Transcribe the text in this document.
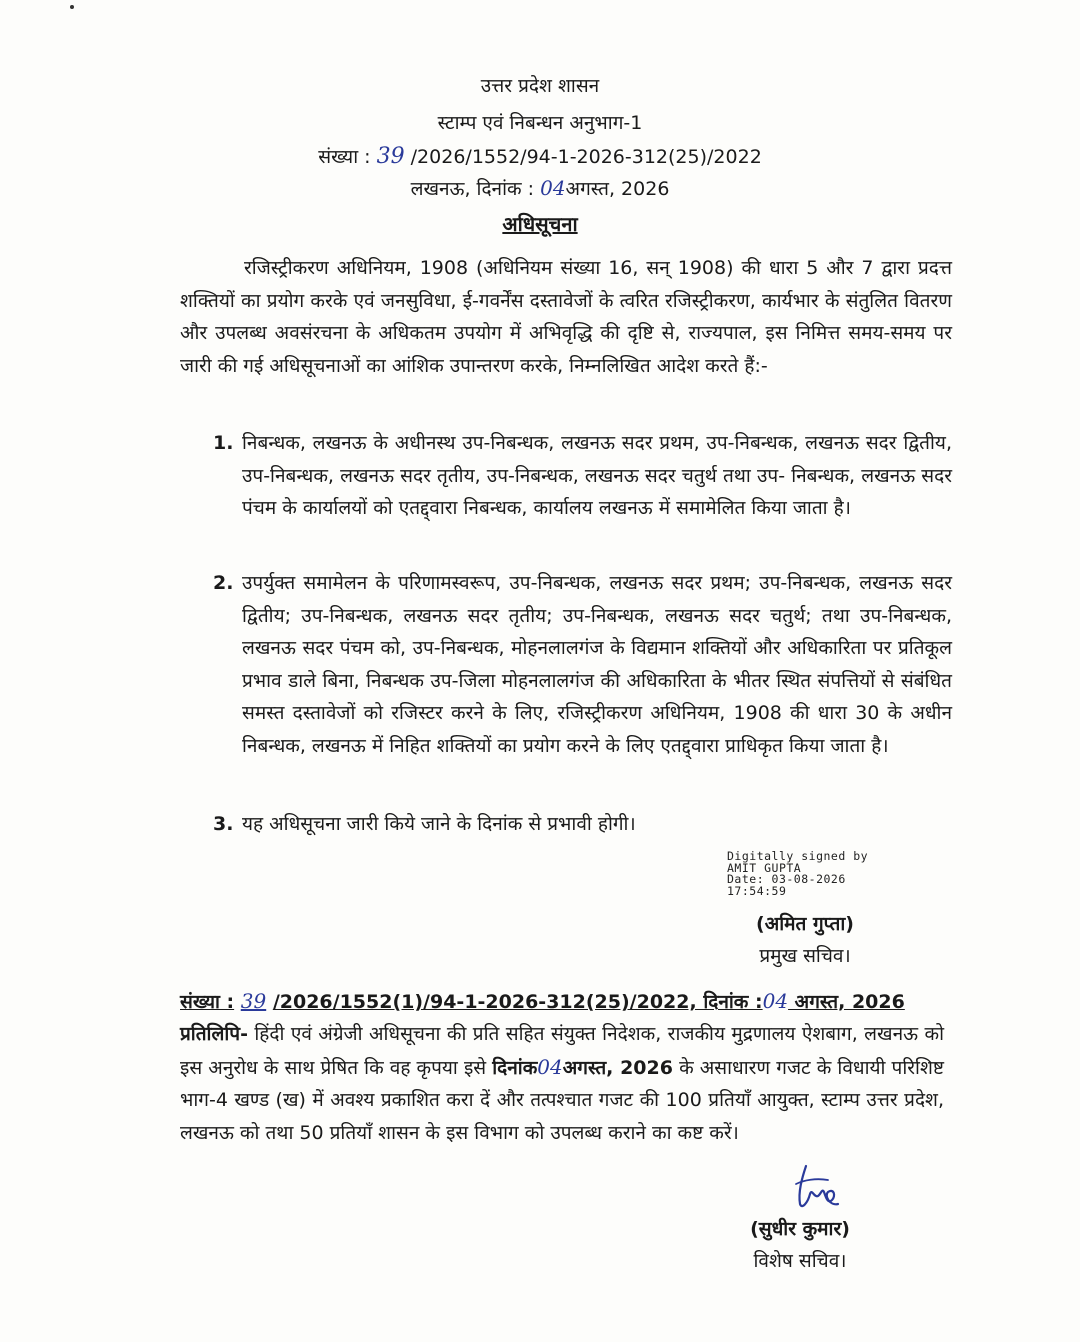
उत्तर प्रदेश शासन
स्टाम्प एवं निबन्धन अनुभाग-1
संख्या : 39 /2026/1552/94-1-2026-312(25)/2022
लखनऊ, दिनांक : 04अगस्त, 2026
अधिसूचना
रजिस्ट्रीकरण अधिनियम, 1908 (अधिनियम संख्या 16, सन् 1908) की धारा 5 और 7 द्वारा प्रदत्त शक्तियों का प्रयोग करके एवं जनसुविधा, ई-गवर्नेंस दस्तावेजों के त्वरित रजिस्ट्रीकरण, कार्यभार के संतुलित वितरण और उपलब्ध अवसंरचना के अधिकतम उपयोग में अभिवृद्धि की दृष्टि से, राज्यपाल, इस निमित्त समय-समय पर जारी की गई अधिसूचनाओं का आंशिक उपान्तरण करके, निम्नलिखित आदेश करते हैं:-
1. निबन्धक, लखनऊ के अधीनस्थ उप-निबन्धक, लखनऊ सदर प्रथम, उप-निबन्धक, लखनऊ सदर द्वितीय, उप-निबन्धक, लखनऊ सदर तृतीय, उप-निबन्धक, लखनऊ सदर चतुर्थ तथा उप- निबन्धक, लखनऊ सदर पंचम के कार्यालयों को एतद्द्वारा निबन्धक, कार्यालय लखनऊ में समामेलित किया जाता है।
2. उपर्युक्त समामेलन के परिणामस्वरूप, उप-निबन्धक, लखनऊ सदर प्रथम; उप-निबन्धक, लखनऊ सदर द्वितीय; उप-निबन्धक, लखनऊ सदर तृतीय; उप-निबन्धक, लखनऊ सदर चतुर्थ; तथा उप-निबन्धक, लखनऊ सदर पंचम को, उप-निबन्धक, मोहनलालगंज के विद्यमान शक्तियों और अधिकारिता पर प्रतिकूल प्रभाव डाले बिना, निबन्धक उप-जिला मोहनलालगंज की अधिकारिता के भीतर स्थित संपत्तियों से संबंधित समस्त दस्तावेजों को रजिस्टर करने के लिए, रजिस्ट्रीकरण अधिनियम, 1908 की धारा 30 के अधीन निबन्धक, लखनऊ में निहित शक्तियों का प्रयोग करने के लिए एतद्द्वारा प्राधिकृत किया जाता है।
3. यह अधिसूचना जारी किये जाने के दिनांक से प्रभावी होगी।
Digitally signed by
AMIT GUPTA
Date: 03-08-2026
17:54:59
(अमित गुप्ता)
प्रमुख सचिव।
संख्या : 39 /2026/1552(1)/94-1-2026-312(25)/2022, दिनांक :04 अगस्त, 2026
प्रतिलिपि- हिंदी एवं अंग्रेजी अधिसूचना की प्रति सहित संयुक्त निदेशक, राजकीय मुद्रणालय ऐशबाग, लखनऊ को इस अनुरोध के साथ प्रेषित कि वह कृपया इसे दिनांक04अगस्त, 2026 के असाधारण गजट के विधायी परिशिष्ट भाग-4 खण्ड (ख) में अवश्य प्रकाशित करा दें और तत्पश्चात गजट की 100 प्रतियाँ आयुक्त, स्टाम्प उत्तर प्रदेश, लखनऊ को तथा 50 प्रतियाँ शासन के इस विभाग को उपलब्ध कराने का कष्ट करें।
(सुधीर कुमार)
विशेष सचिव।
